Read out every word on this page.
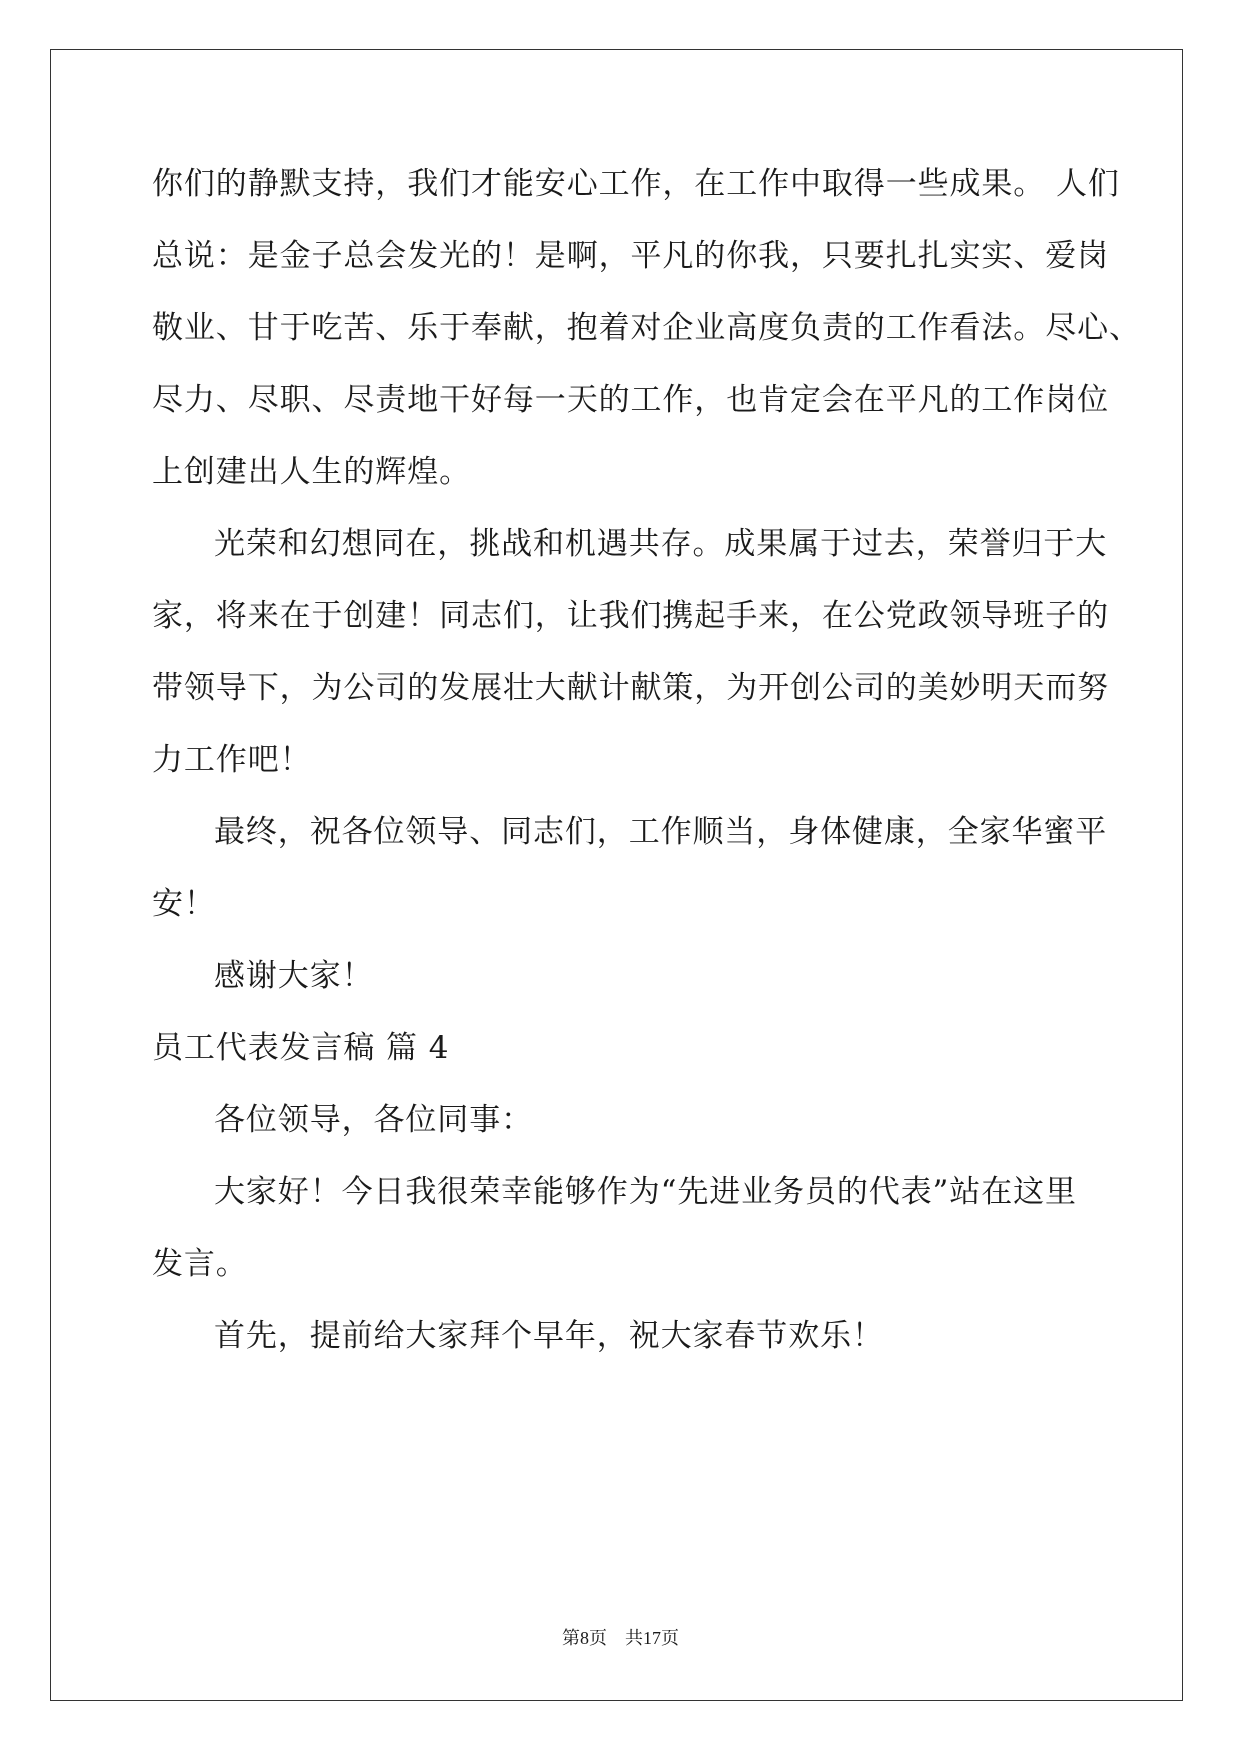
你们的静默支持，我们才能安心工作，在工作中取得一些成果。 人们
总说：是金子总会发光的！是啊，平凡的你我，只要扎扎实实、爱岗
敬业、甘于吃苦、乐于奉献，抱着对企业高度负责的工作看法。尽心、
尽力、尽职、尽责地干好每一天的工作，也肯定会在平凡的工作岗位
上创建出人生的辉煌。
光荣和幻想同在，挑战和机遇共存。成果属于过去，荣誉归于大
家，将来在于创建！同志们，让我们携起手来，在公党政领导班子的
带领导下，为公司的发展壮大献计献策，为开创公司的美妙明天而努
力工作吧！
最终，祝各位领导、同志们，工作顺当，身体健康，全家华蜜平
安！
感谢大家！
员工代表发言稿 篇 4
各位领导，各位同事：
大家好！今日我很荣幸能够作为“先进业务员的代表”站在这里
发言。
首先，提前给大家拜个早年，祝大家春节欢乐！
第8页 共17页
